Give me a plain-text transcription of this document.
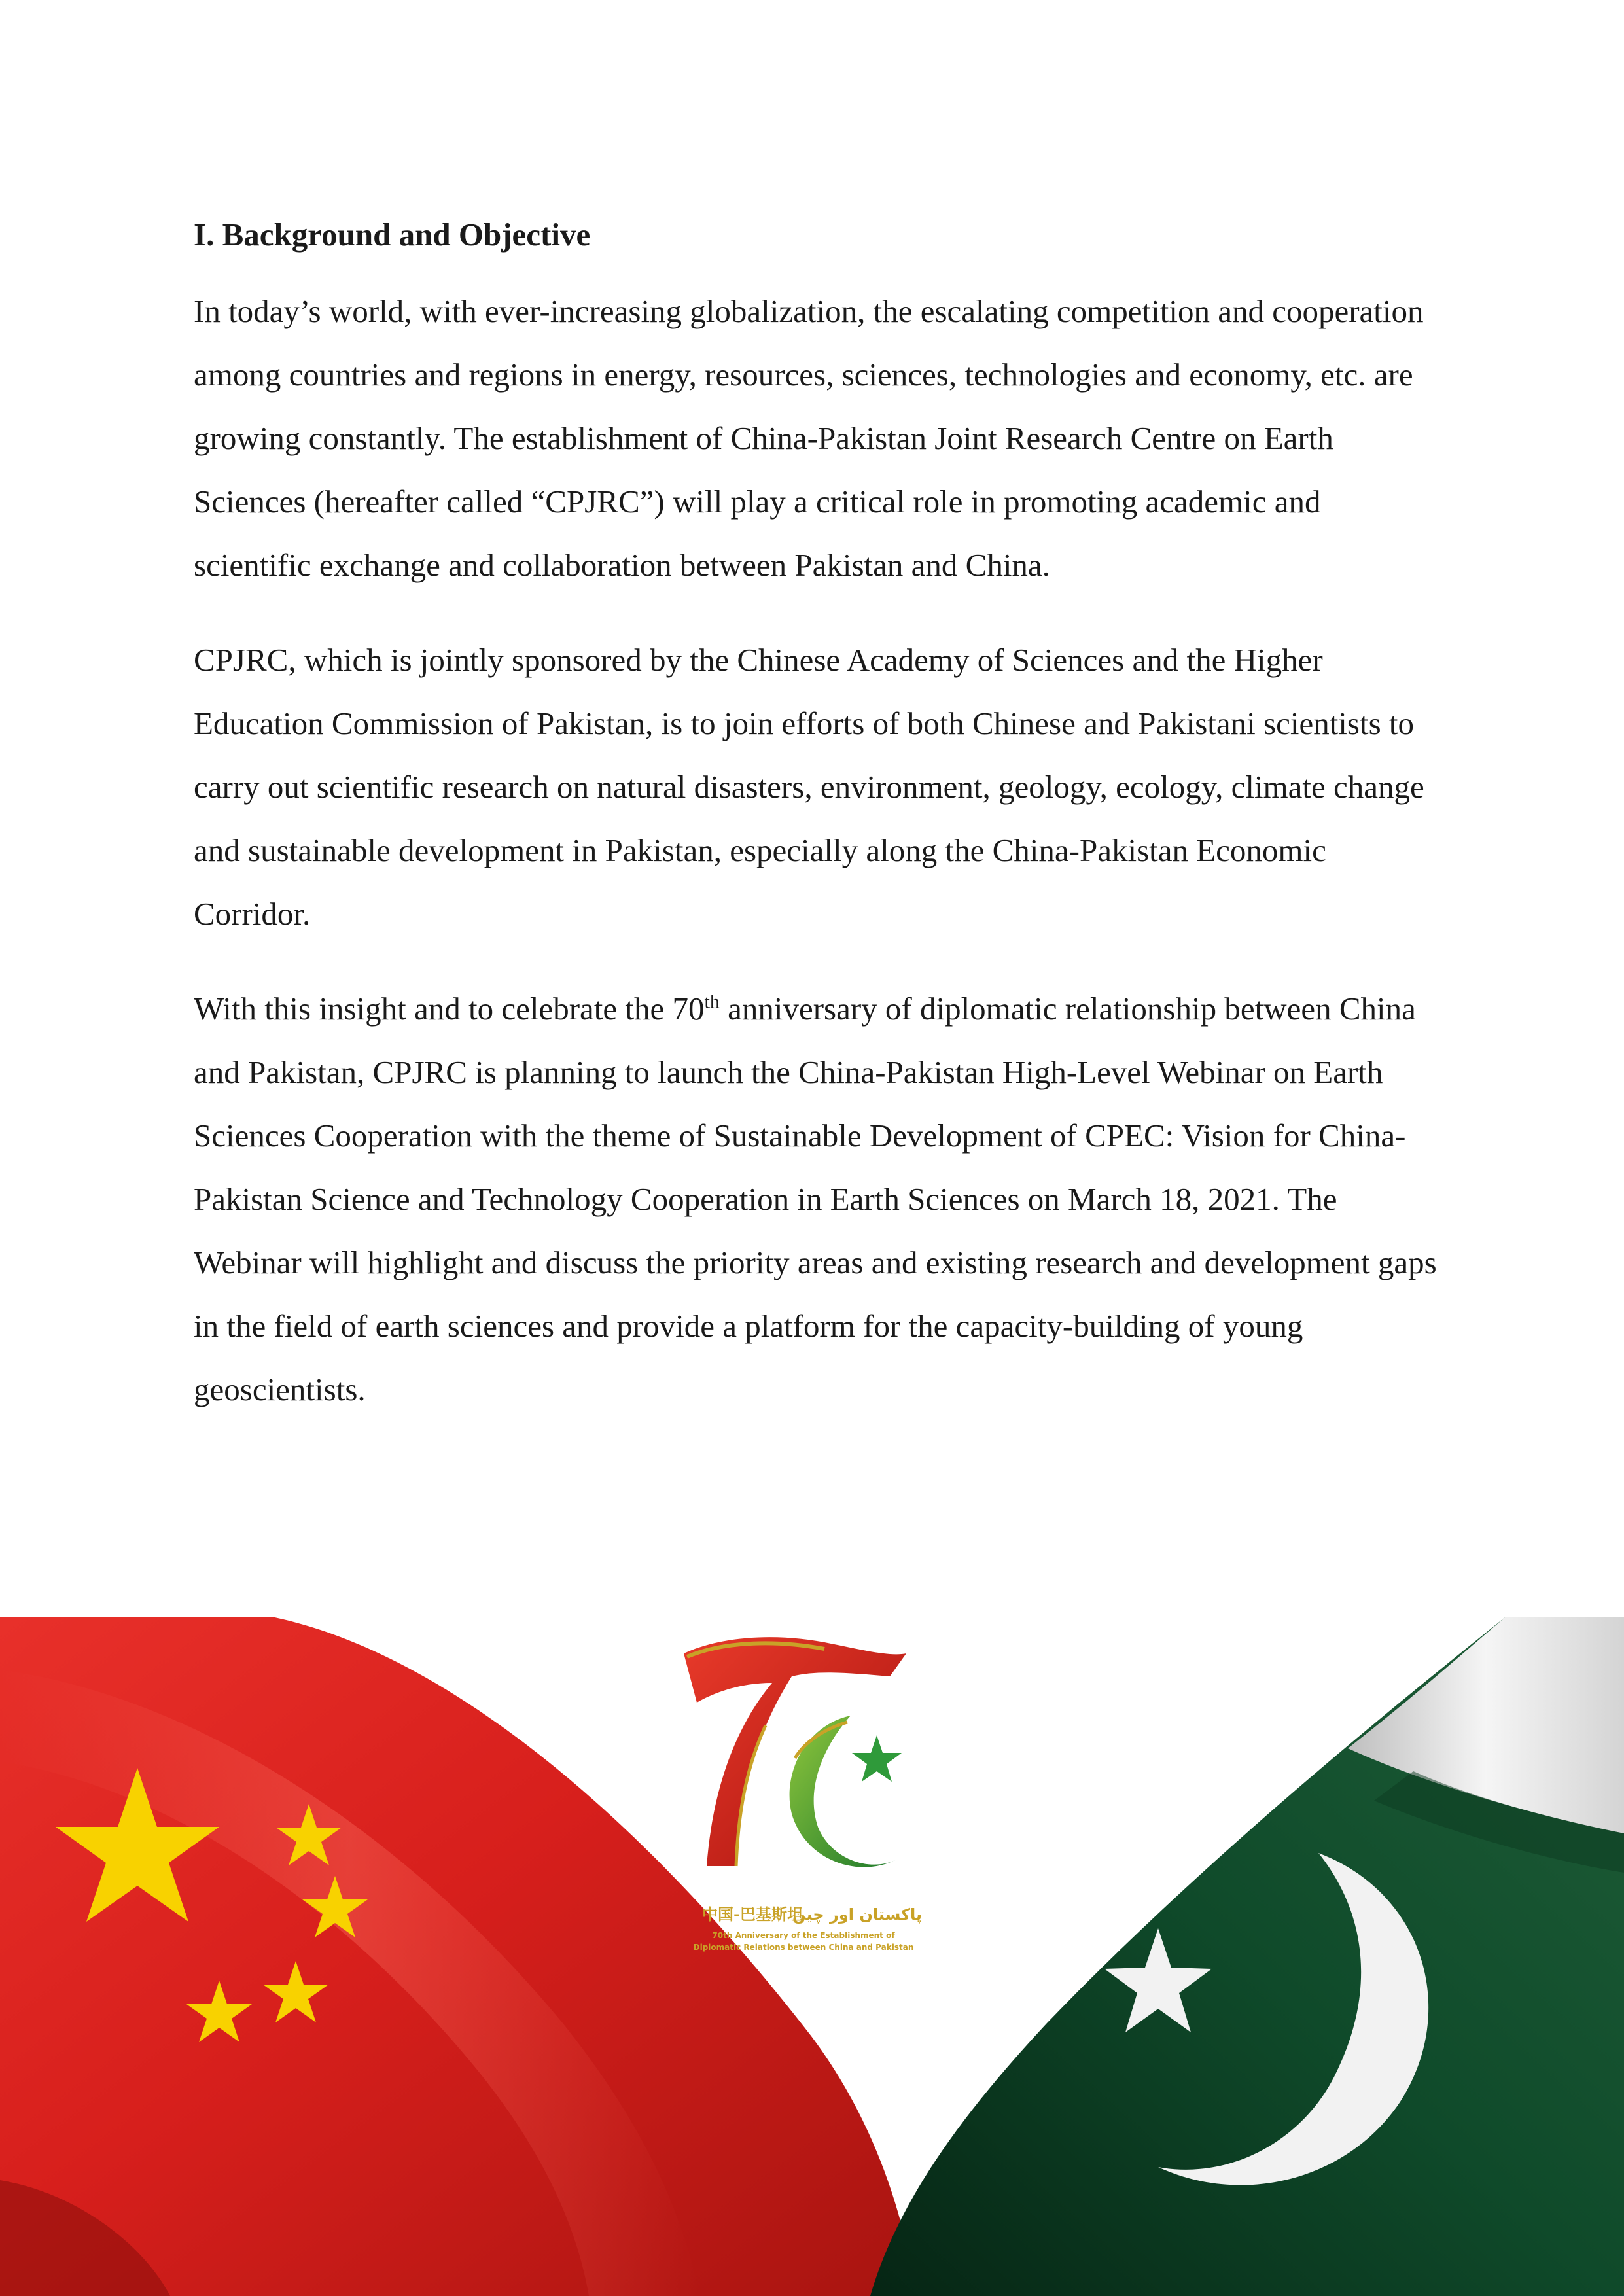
I. Background and Objective

In today’s world, with ever-increasing globalization, the escalating competition and cooperation among countries and regions in energy, resources, sciences, technologies and economy, etc. are growing constantly. The establishment of China-Pakistan Joint Research Centre on Earth Sciences (hereafter called “CPJRC”) will play a critical role in promoting academic and scientific exchange and collaboration between Pakistan and China.

CPJRC, which is jointly sponsored by the Chinese Academy of Sciences and the Higher Education Commission of Pakistan, is to join efforts of both Chinese and Pakistani scientists to carry out scientific research on natural disasters, environment, geology, ecology, climate change and sustainable development in Pakistan, especially along the China-Pakistan Economic Corridor.

With this insight and to celebrate the 70th anniversary of diplomatic relationship between China and Pakistan, CPJRC is planning to launch the China-Pakistan High-Level Webinar on Earth Sciences Cooperation with the theme of Sustainable Development of CPEC: Vision for China-Pakistan Science and Technology Cooperation in Earth Sciences on March 18, 2021. The Webinar will highlight and discuss the priority areas and existing research and development gaps in the field of earth sciences and provide a platform for the capacity-building of young geoscientists.

中国-巴基斯坦
پاکستان اور چین
70th Anniversary of the Establishment of
Diplomatic Relations between China and Pakistan
